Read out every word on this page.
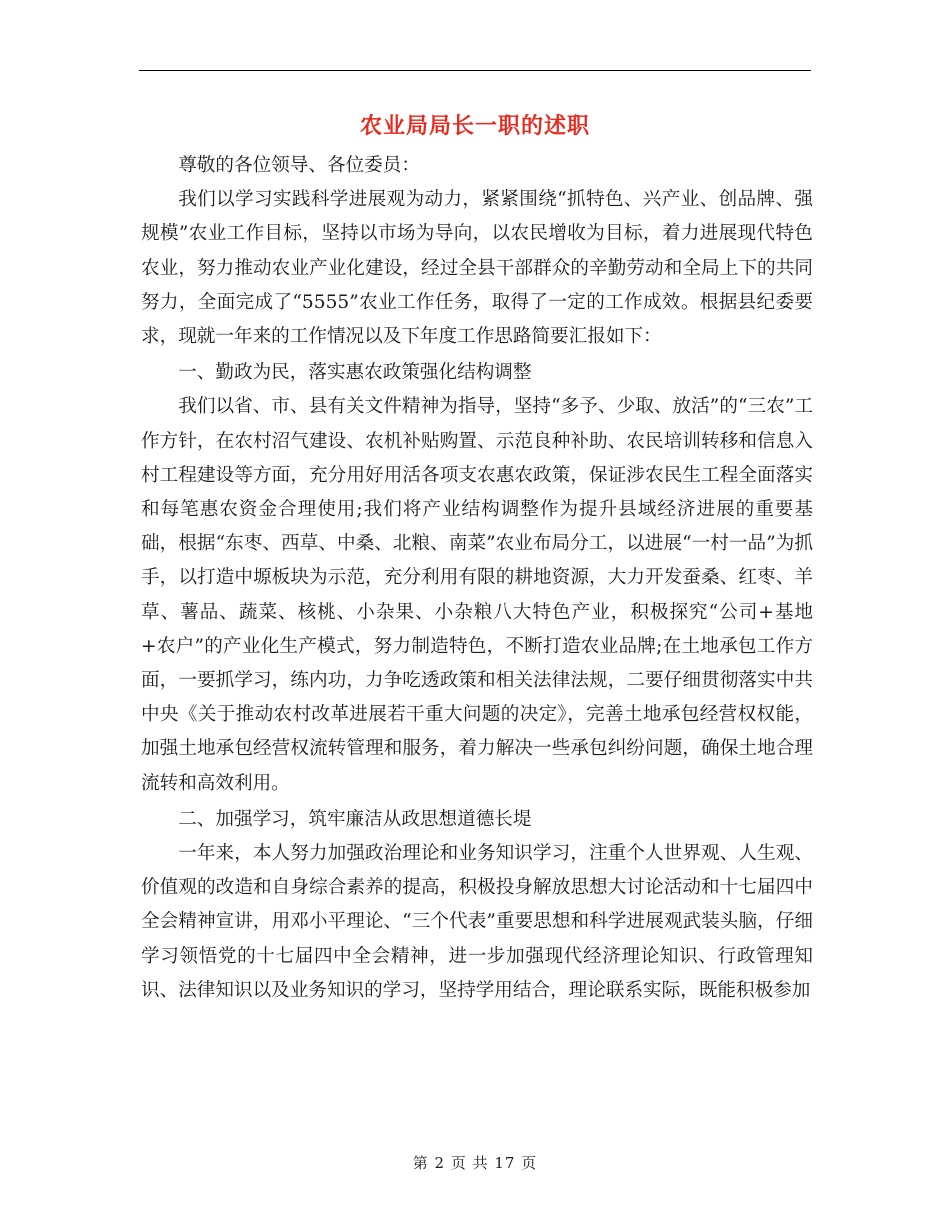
农业局局长一职的述职

尊敬的各位领导、各位委员：

我们以学习实践科学进展观为动力，紧紧围绕“抓特色、兴产业、创品牌、强规模”农业工作目标，坚持以市场为导向，以农民增收为目标，着力进展现代特色农业，努力推动农业产业化建设，经过全县干部群众的辛勤劳动和全局上下的共同努力，全面完成了“5555”农业工作任务，取得了一定的工作成效。根据县纪委要求，现就一年来的工作情况以及下年度工作思路简要汇报如下：

一、勤政为民，落实惠农政策强化结构调整

我们以省、市、县有关文件精神为指导，坚持“多予、少取、放活”的“三农”工作方针，在农村沼气建设、农机补贴购置、示范良种补助、农民培训转移和信息入村工程建设等方面，充分用好用活各项支农惠农政策，保证涉农民生工程全面落实和每笔惠农资金合理使用;我们将产业结构调整作为提升县域经济进展的重要基础，根据“东枣、西草、中桑、北粮、南菜”农业布局分工，以进展“一村一品”为抓手，以打造中塬板块为示范，充分利用有限的耕地资源，大力开发蚕桑、红枣、羊草、薯品、蔬菜、核桃、小杂果、小杂粮八大特色产业，积极探究“公司+基地+农户”的产业化生产模式，努力制造特色，不断打造农业品牌;在土地承包工作方面，一要抓学习，练内功，力争吃透政策和相关法律法规，二要仔细贯彻落实中共中央《关于推动农村改革进展若干重大问题的决定》，完善土地承包经营权权能，加强土地承包经营权流转管理和服务，着力解决一些承包纠纷问题，确保土地合理流转和高效利用。

二、加强学习，筑牢廉洁从政思想道德长堤

一年来，本人努力加强政治理论和业务知识学习，注重个人世界观、人生观、价值观的改造和自身综合素养的提高，积极投身解放思想大讨论活动和十七届四中全会精神宣讲，用邓小平理论、“三个代表”重要思想和科学进展观武装头脑，仔细学习领悟党的十七届四中全会精神，进一步加强现代经济理论知识、行政管理知识、法律知识以及业务知识的学习，坚持学用结合，理论联系实际，既能积极参加

第 2 页 共 17 页
